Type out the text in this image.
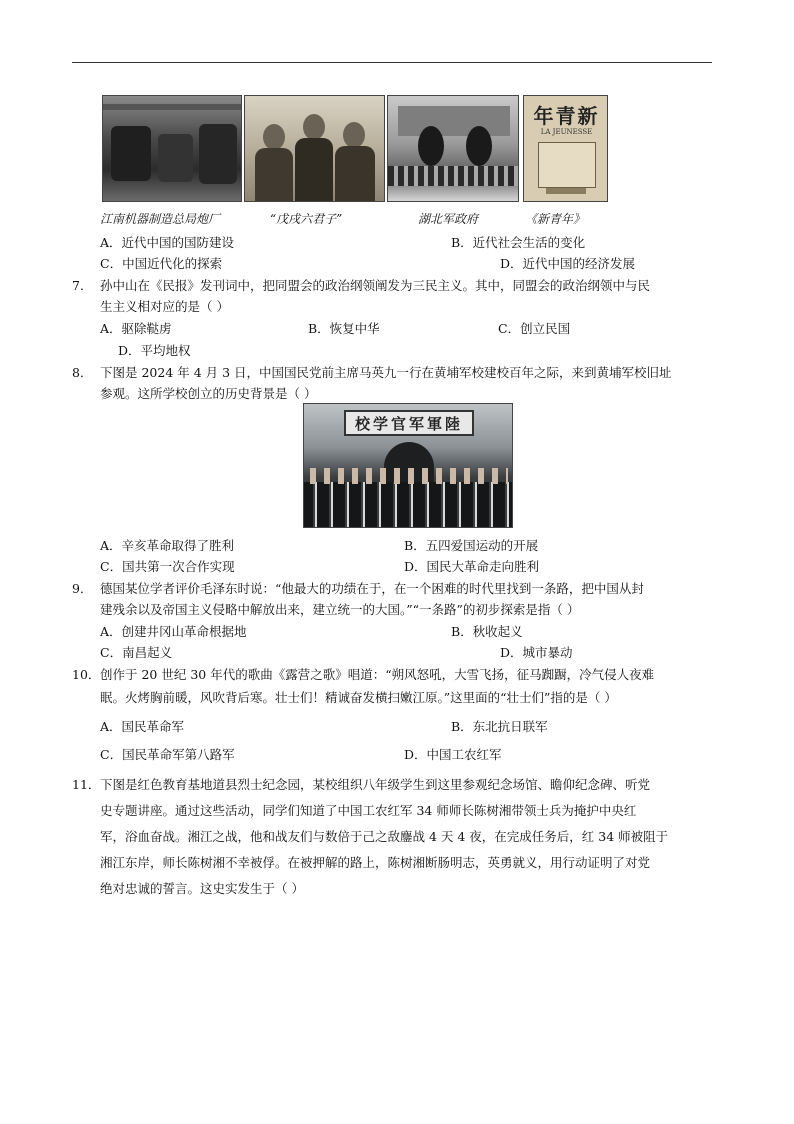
年青新
LA JEUNESSE
江南机器制造总局炮厂	“戊戌六君子”	湖北军政府	《新青年》
A．近代中国的国防建设	B．近代社会生活的变化
C．中国近代化的探索	D．近代中国的经济发展
7． 孙中山在《民报》发刊词中，把同盟会的政治纲领阐发为三民主义。其中，同盟会的政治纲领中与民
生主义相对应的是（ ）
A．驱除鞑虏	B．恢复中华	C．创立民国
D．平均地权
8． 下图是 2024 年 4 月 3 日，中国国民党前主席马英九一行在黄埔军校建校百年之际，来到黄埔军校旧址
参观。这所学校创立的历史背景是（ ）
校学官军軍陸
A．辛亥革命取得了胜利	B．五四爱国运动的开展
C．国共第一次合作实现	D．国民大革命走向胜利
9． 德国某位学者评价毛泽东时说：“他最大的功绩在于，在一个困难的时代里找到一条路，把中国从封
建残余以及帝国主义侵略中解放出来，建立统一的大国。”“一条路”的初步探索是指（ ）
A．创建井冈山革命根据地	B．秋收起义
C．南昌起义	D．城市暴动
10． 创作于 20 世纪 30 年代的歌曲《露营之歌》唱道：“朔风怒吼，大雪飞扬，征马踟蹰，冷气侵人夜难
眠。火烤胸前暖，风吹背后寒。壮士们！精诚奋发横扫嫩江原。”这里面的“壮士们”指的是（ ）
A．国民革命军	B．东北抗日联军
C．国民革命军第八路军	D．中国工农红军
11． 下图是红色教育基地道县烈士纪念园，某校组织八年级学生到这里参观纪念场馆、瞻仰纪念碑、听党
史专题讲座。通过这些活动，同学们知道了中国工农红军 34 师师长陈树湘带领士兵为掩护中央红
军，浴血奋战。湘江之战，他和战友们与数倍于己之敌鏖战 4 天 4 夜，在完成任务后，红 34 师被阻于
湘江东岸，师长陈树湘不幸被俘。在被押解的路上，陈树湘断肠明志，英勇就义，用行动证明了对党
绝对忠诚的誓言。这史实发生于（ ）
